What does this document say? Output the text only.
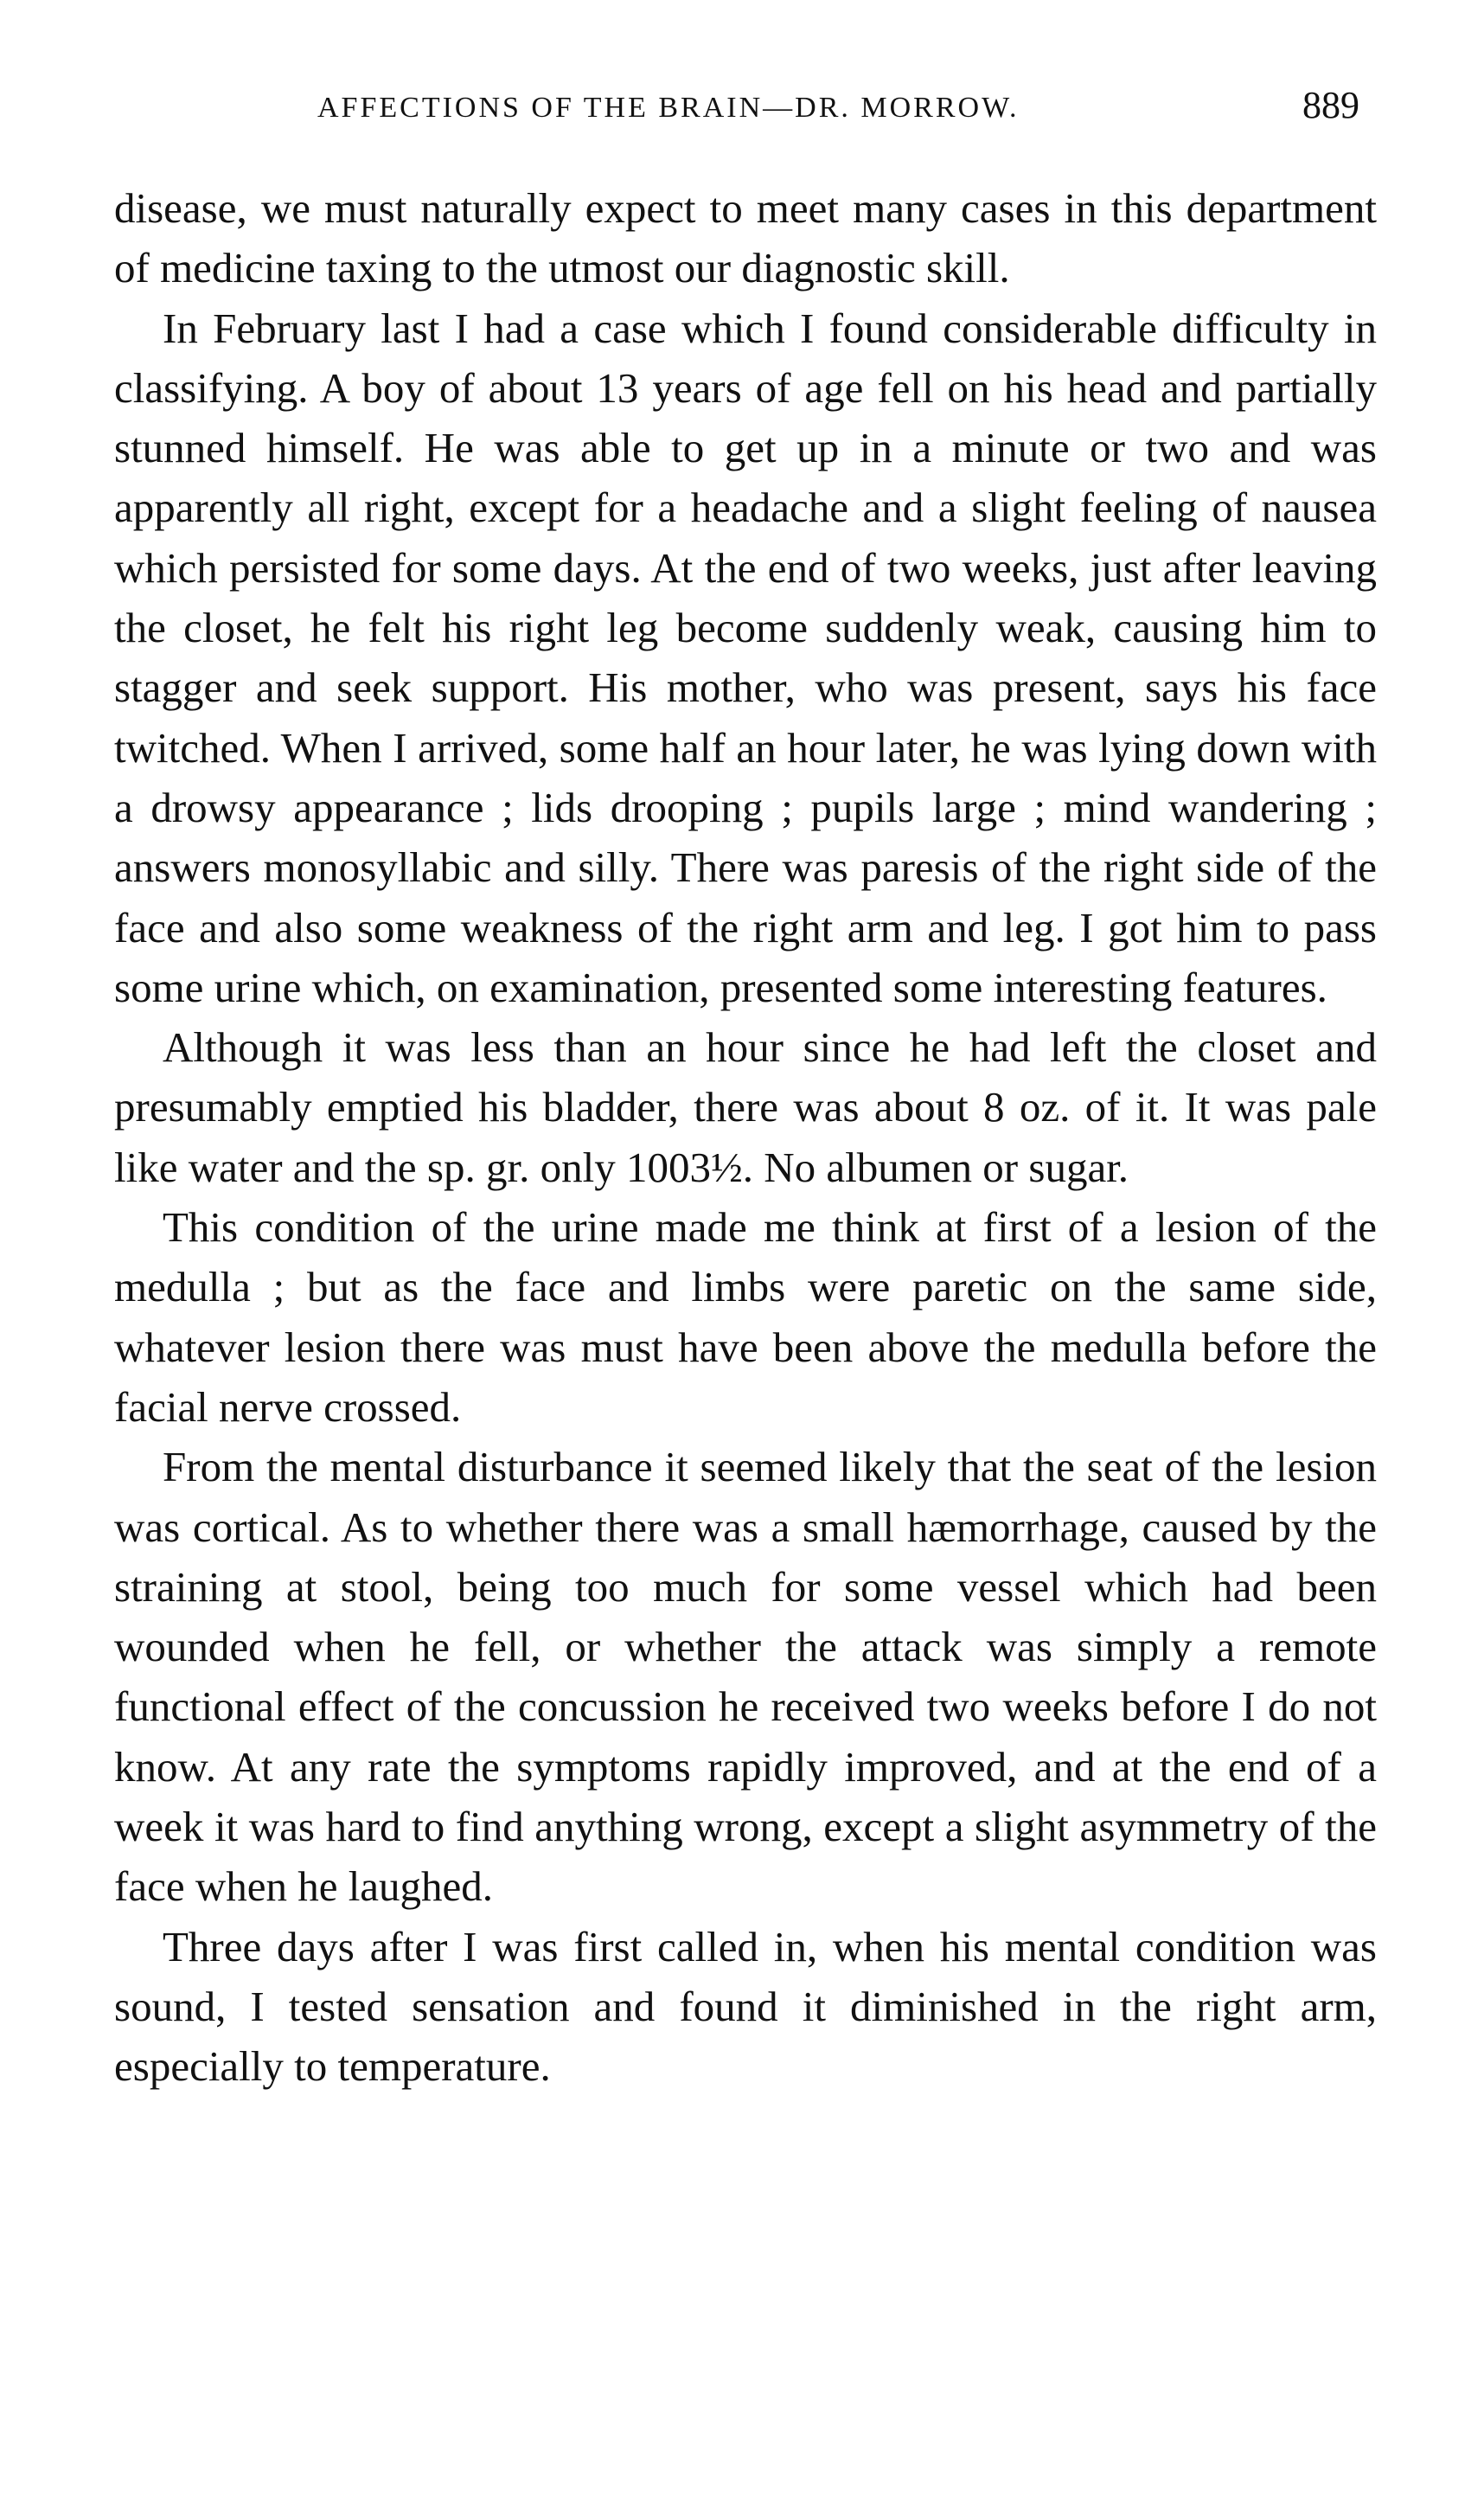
AFFECTIONS OF THE BRAIN—DR. MORROW.	889

disease, we must naturally expect to meet many cases in this department of medicine taxing to the utmost our diagnostic skill.

In February last I had a case which I found considerable difficulty in classifying. A boy of about 13 years of age fell on his head and partially stunned himself. He was able to get up in a minute or two and was apparently all right, except for a headache and a slight feeling of nausea which persisted for some days. At the end of two weeks, just after leaving the closet, he felt his right leg become suddenly weak, causing him to stagger and seek support. His mother, who was present, says his face twitched. When I arrived, some half an hour later, he was lying down with a drowsy appearance ; lids drooping ; pupils large ; mind wandering ; answers monosyllabic and silly. There was paresis of the right side of the face and also some weakness of the right arm and leg. I got him to pass some urine which, on examination, presented some interesting features.

Although it was less than an hour since he had left the closet and presumably emptied his bladder, there was about 8 oz. of it. It was pale like water and the sp. gr. only 1003½. No albumen or sugar.

This condition of the urine made me think at first of a lesion of the medulla ; but as the face and limbs were paretic on the same side, whatever lesion there was must have been above the medulla before the facial nerve crossed.

From the mental disturbance it seemed likely that the seat of the lesion was cortical. As to whether there was a small hæmorrhage, caused by the straining at stool, being too much for some vessel which had been wounded when he fell, or whether the attack was simply a remote functional effect of the concussion he received two weeks before I do not know. At any rate the symptoms rapidly improved, and at the end of a week it was hard to find anything wrong, except a slight asymmetry of the face when he laughed.

Three days after I was first called in, when his mental condition was sound, I tested sensation and found it diminished in the right arm, especially to temperature.
